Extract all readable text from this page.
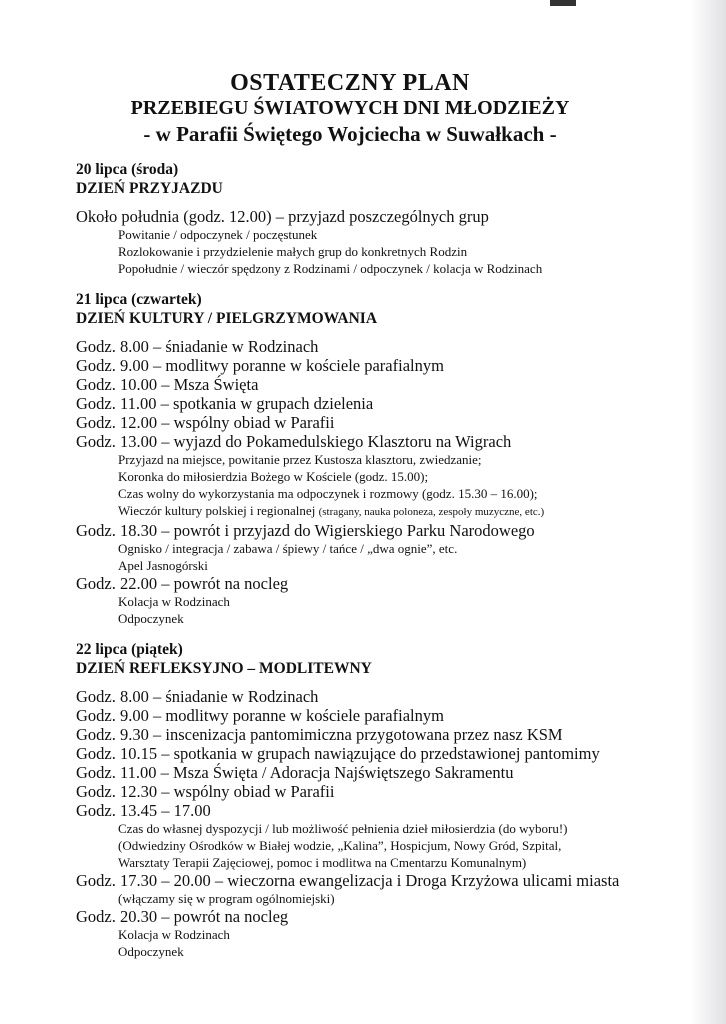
OSTATECZNY PLAN
PRZEBIEGU ŚWIATOWYCH DNI MŁODZIEŻY
- w Parafii Świętego Wojciecha w Suwałkach -
20 lipca (środa)
DZIEŃ PRZYJAZDU
Około południa (godz. 12.00) – przyjazd poszczególnych grup
Powitanie / odpoczynek / poczęstunek
Rozlokowanie i przydzielenie małych grup do konkretnych Rodzin
Popołudnie / wieczór spędzony z Rodzinami / odpoczynek / kolacja w Rodzinach
21 lipca (czwartek)
DZIEŃ KULTURY / PIELGRZYMOWANIA
Godz. 8.00 – śniadanie w Rodzinach
Godz. 9.00 – modlitwy poranne w kościele parafialnym
Godz. 10.00 – Msza Święta
Godz. 11.00 – spotkania w grupach dzielenia
Godz. 12.00 – wspólny obiad w Parafii
Godz. 13.00 – wyjazd do Pokamedulskiego Klasztoru na Wigrach
Przyjazd na miejsce, powitanie przez Kustosza klasztoru, zwiedzanie;
Koronka do miłosierdzia Bożego w Kościele (godz. 15.00);
Czas wolny do wykorzystania ma odpoczynek i rozmowy (godz. 15.30 – 16.00);
Wieczór kultury polskiej i regionalnej (stragany, nauka poloneza, zespoły muzyczne, etc.)
Godz. 18.30 – powrót i przyjazd do Wigierskiego Parku Narodowego
Ognisko / integracja / zabawa / śpiewy / tańce / „dwa ognie”, etc.
Apel Jasnogórski
Godz. 22.00 – powrót na nocleg
Kolacja w Rodzinach
Odpoczynek
22 lipca (piątek)
DZIEŃ REFLEKSYJNO – MODLITEWNY
Godz. 8.00 – śniadanie w Rodzinach
Godz. 9.00 – modlitwy poranne w kościele parafialnym
Godz. 9.30 – inscenizacja pantomimiczna przygotowana przez nasz KSM
Godz. 10.15 – spotkania w grupach nawiązujące do przedstawionej pantomimy
Godz. 11.00 – Msza Święta / Adoracja Najświętszego Sakramentu
Godz. 12.30 – wspólny obiad w Parafii
Godz. 13.45 – 17.00
Czas do własnej dyspozycji / lub możliwość pełnienia dzieł miłosierdzia (do wyboru!)
(Odwiedziny Ośrodków w Białej wodzie, „Kalina”, Hospicjum, Nowy Gród, Szpital,
Warsztaty Terapii Zajęciowej, pomoc i modlitwa na Cmentarzu Komunalnym)
Godz. 17.30 – 20.00 – wieczorna ewangelizacja i Droga Krzyżowa ulicami miasta
(włączamy się w program ogólnomiejski)
Godz. 20.30 – powrót na nocleg
Kolacja w Rodzinach
Odpoczynek
